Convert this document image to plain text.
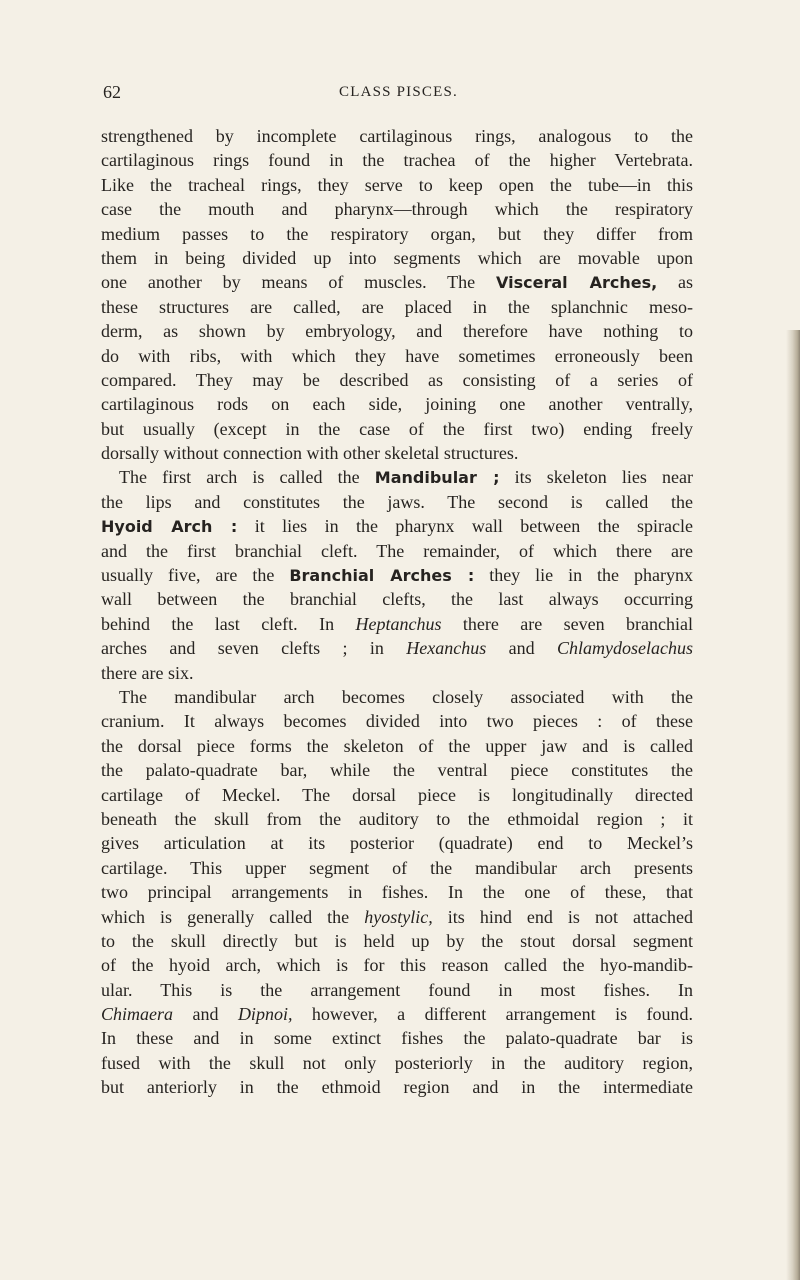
62	CLASS PISCES.
strengthened by incomplete cartilaginous rings, analogous to the
cartilaginous rings found in the trachea of the higher Vertebrata.
Like the tracheal rings, they serve to keep open the tube—in this
case the mouth and pharynx—through which the respiratory
medium passes to the respiratory organ, but they differ from
them in being divided up into segments which are movable upon
one another by means of muscles. The Visceral Arches, as
these structures are called, are placed in the splanchnic meso-
derm, as shown by embryology, and therefore have nothing to
do with ribs, with which they have sometimes erroneously been
compared. They may be described as consisting of a series of
cartilaginous rods on each side, joining one another ventrally,
but usually (except in the case of the first two) ending freely
dorsally without connection with other skeletal structures.
The first arch is called the Mandibular ; its skeleton lies near
the lips and constitutes the jaws. The second is called the
Hyoid Arch : it lies in the pharynx wall between the spiracle
and the first branchial cleft. The remainder, of which there are
usually five, are the Branchial Arches : they lie in the pharynx
wall between the branchial clefts, the last always occurring
behind the last cleft. In Heptanchus there are seven branchial
arches and seven clefts ; in Hexanchus and Chlamydoselachus
there are six.
The mandibular arch becomes closely associated with the
cranium. It always becomes divided into two pieces : of these
the dorsal piece forms the skeleton of the upper jaw and is called
the palato-quadrate bar, while the ventral piece constitutes the
cartilage of Meckel. The dorsal piece is longitudinally directed
beneath the skull from the auditory to the ethmoidal region ; it
gives articulation at its posterior (quadrate) end to Meckel’s
cartilage. This upper segment of the mandibular arch presents
two principal arrangements in fishes. In the one of these, that
which is generally called the hyostylic, its hind end is not attached
to the skull directly but is held up by the stout dorsal segment
of the hyoid arch, which is for this reason called the hyo-mandib-
ular. This is the arrangement found in most fishes. In
Chimaera and Dipnoi, however, a different arrangement is found.
In these and in some extinct fishes the palato-quadrate bar is
fused with the skull not only posteriorly in the auditory region,
but anteriorly in the ethmoid region and in the intermediate
